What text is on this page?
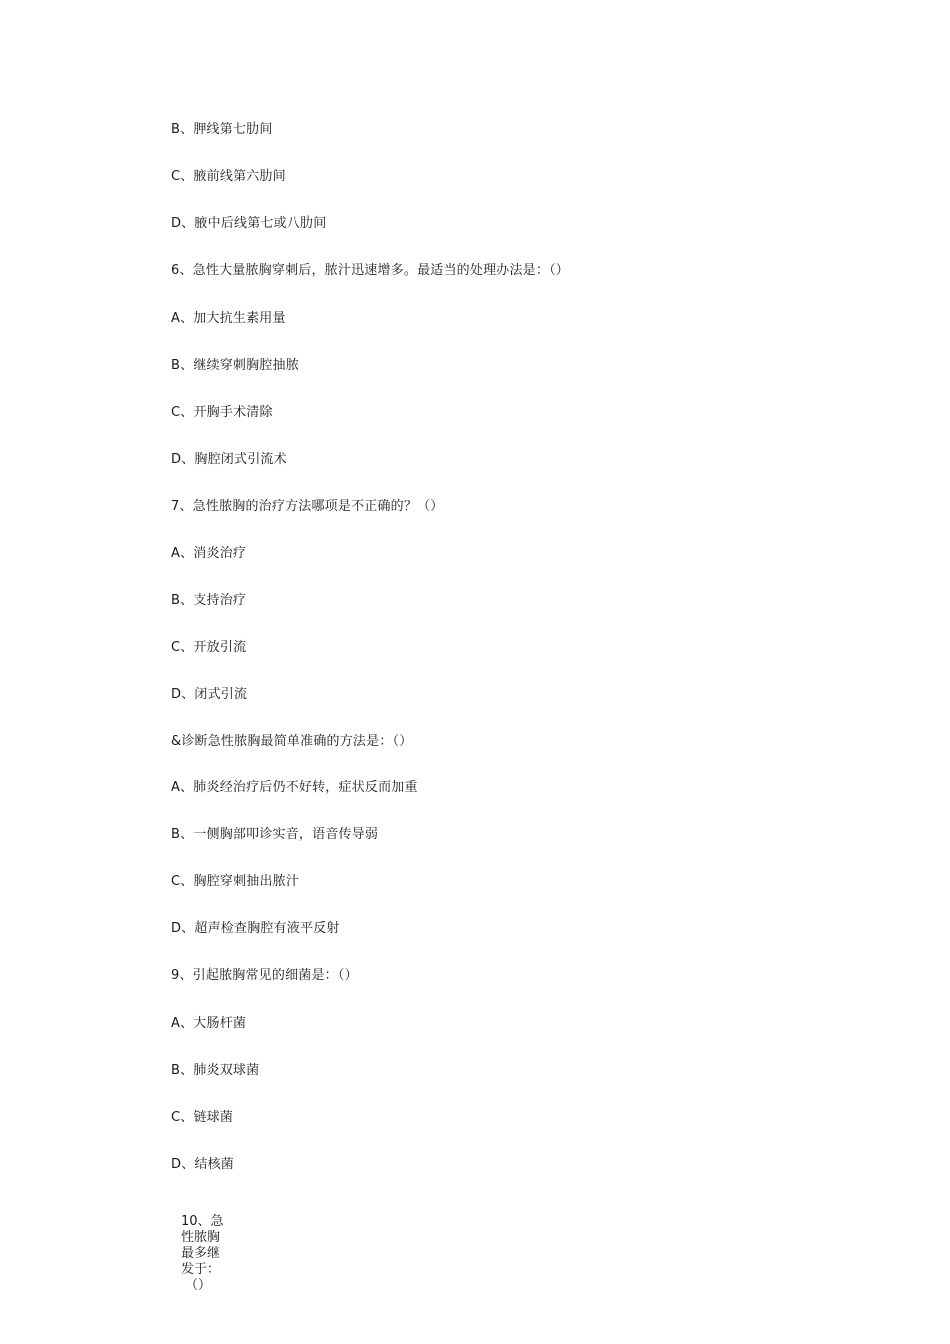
B、胛线第七肋间
C、腋前线第六肋间
D、腋中后线第七或八肋间
6、急性大量脓胸穿刺后，脓汁迅速增多。最适当的处理办法是：（）
A、加大抗生素用量
B、继续穿刺胸腔抽脓
C、开胸手术清除
D、胸腔闭式引流术
7、急性脓胸的治疗方法哪项是不正确的？（）
A、消炎治疗
B、支持治疗
C、开放引流
D、闭式引流
&诊断急性脓胸最简单准确的方法是：（）
A、肺炎经治疗后仍不好转，症状反而加重
B、一侧胸部叩诊实音，语音传导弱
C、胸腔穿刺抽出脓汁
D、超声检查胸腔有液平反射
9、引起脓胸常见的细菌是：（）
A、大肠杆菌
B、肺炎双球菌
C、链球菌
D、结核菌
10、急性脓胸最多继发于：
（）
